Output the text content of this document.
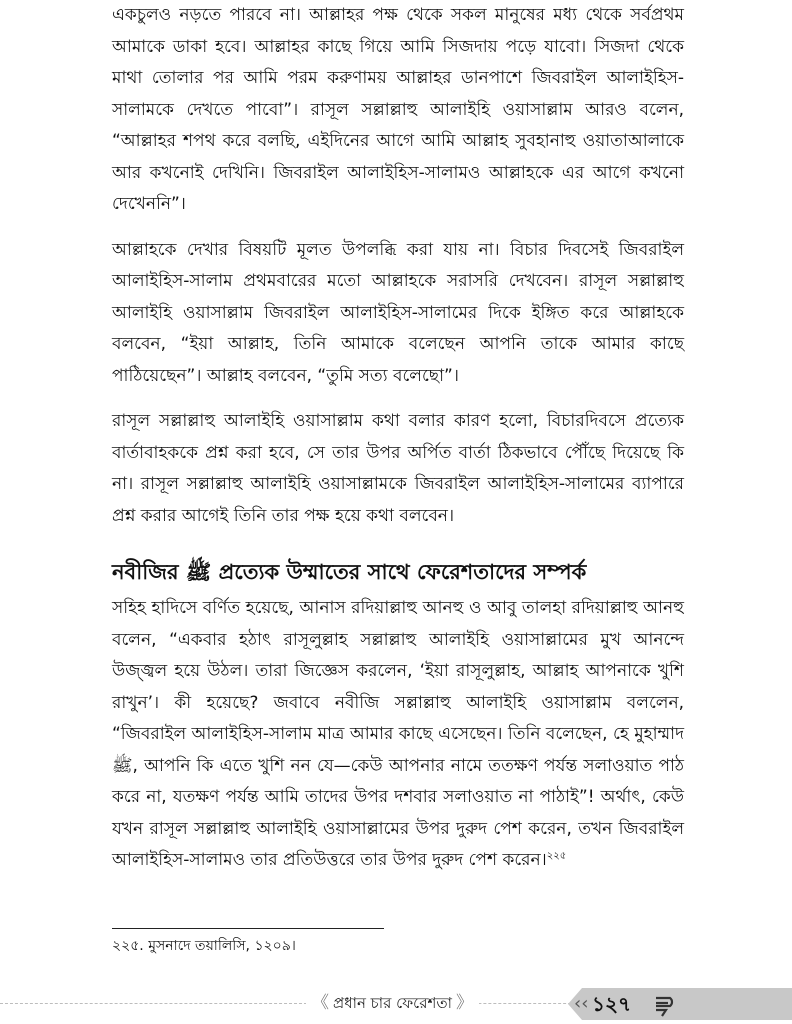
একচুলও নড়তে পারবে না। আল্লাহর পক্ষ থেকে সকল মানুষের মধ্য থেকে সর্বপ্রথম আমাকে ডাকা হবে। আল্লাহর কাছে গিয়ে আমি সিজদায় পড়ে যাবো। সিজদা থেকে মাথা তোলার পর আমি পরম করুণাময় আল্লাহর ডানপাশে জিবরাইল আলাইহিস-সালামকে দেখতে পাবো”। রাসূল সল্লাল্লাহু আলাইহি ওয়াসাল্লাম আরও বলেন, “আল্লাহর শপথ করে বলছি, এইদিনের আগে আমি আল্লাহ সুবহানাহু ওয়াতাআলাকে আর কখনোই দেখিনি। জিবরাইল আলাইহিস-সালামও আল্লাহকে এর আগে কখনো দেখেননি”।

আল্লাহকে দেখার বিষয়টি মূলত উপলব্ধি করা যায় না। বিচার দিবসেই জিবরাইল আলাইহিস-সালাম প্রথমবারের মতো আল্লাহকে সরাসরি দেখবেন। রাসূল সল্লাল্লাহু আলাইহি ওয়াসাল্লাম জিবরাইল আলাইহিস-সালামের দিকে ইঙ্গিত করে আল্লাহকে বলবেন, “ইয়া আল্লাহ, তিনি আমাকে বলেছেন আপনি তাকে আমার কাছে পাঠিয়েছেন”। আল্লাহ বলবেন, “তুমি সত্য বলেছো”।

রাসূল সল্লাল্লাহু আলাইহি ওয়াসাল্লাম কথা বলার কারণ হলো, বিচারদিবসে প্রত্যেক বার্তাবাহককে প্রশ্ন করা হবে, সে তার উপর অর্পিত বার্তা ঠিকভাবে পৌঁছে দিয়েছে কি না। রাসূল সল্লাল্লাহু আলাইহি ওয়াসাল্লামকে জিবরাইল আলাইহিস-সালামের ব্যাপারে প্রশ্ন করার আগেই তিনি তার পক্ষ হয়ে কথা বলবেন।

নবীজির ﷺ প্রত্যেক উম্মাতের সাথে ফেরেশতাদের সম্পর্ক

সহিহ হাদিসে বর্ণিত হয়েছে, আনাস রদিয়াল্লাহু আনহু ও আবু তালহা রদিয়াল্লাহু আনহু বলেন, “একবার হঠাৎ রাসূলুল্লাহ সল্লাল্লাহু আলাইহি ওয়াসাল্লামের মুখ আনন্দে উজ্জ্বল হয়ে উঠল। তারা জিজ্ঞেস করলেন, ‘ইয়া রাসূলুল্লাহ, আল্লাহ আপনাকে খুশি রাখুন’। কী হয়েছে? জবাবে নবীজি সল্লাল্লাহু আলাইহি ওয়াসাল্লাম বললেন, “জিবরাইল আলাইহিস-সালাম মাত্র আমার কাছে এসেছেন। তিনি বলেছেন, হে মুহাম্মাদ ﷺ, আপনি কি এতে খুশি নন যে—কেউ আপনার নামে ততক্ষণ পর্যন্ত সলাওয়াত পাঠ করে না, যতক্ষণ পর্যন্ত আমি তাদের উপর দশবার সলাওয়াত না পাঠাই”! অর্থাৎ, কেউ যখন রাসূল সল্লাল্লাহু আলাইহি ওয়াসাল্লামের উপর দুরুদ পেশ করেন, তখন জিবরাইল আলাইহিস-সালামও তার প্রতিউত্তরে তার উপর দুরুদ পেশ করেন।$^{২২৫}$

২২৫. মুসনাদে তয়ালিসি, ১২০৯।
《 প্রধান চার ফেরেশতা 》	‹‹ ১২৭
